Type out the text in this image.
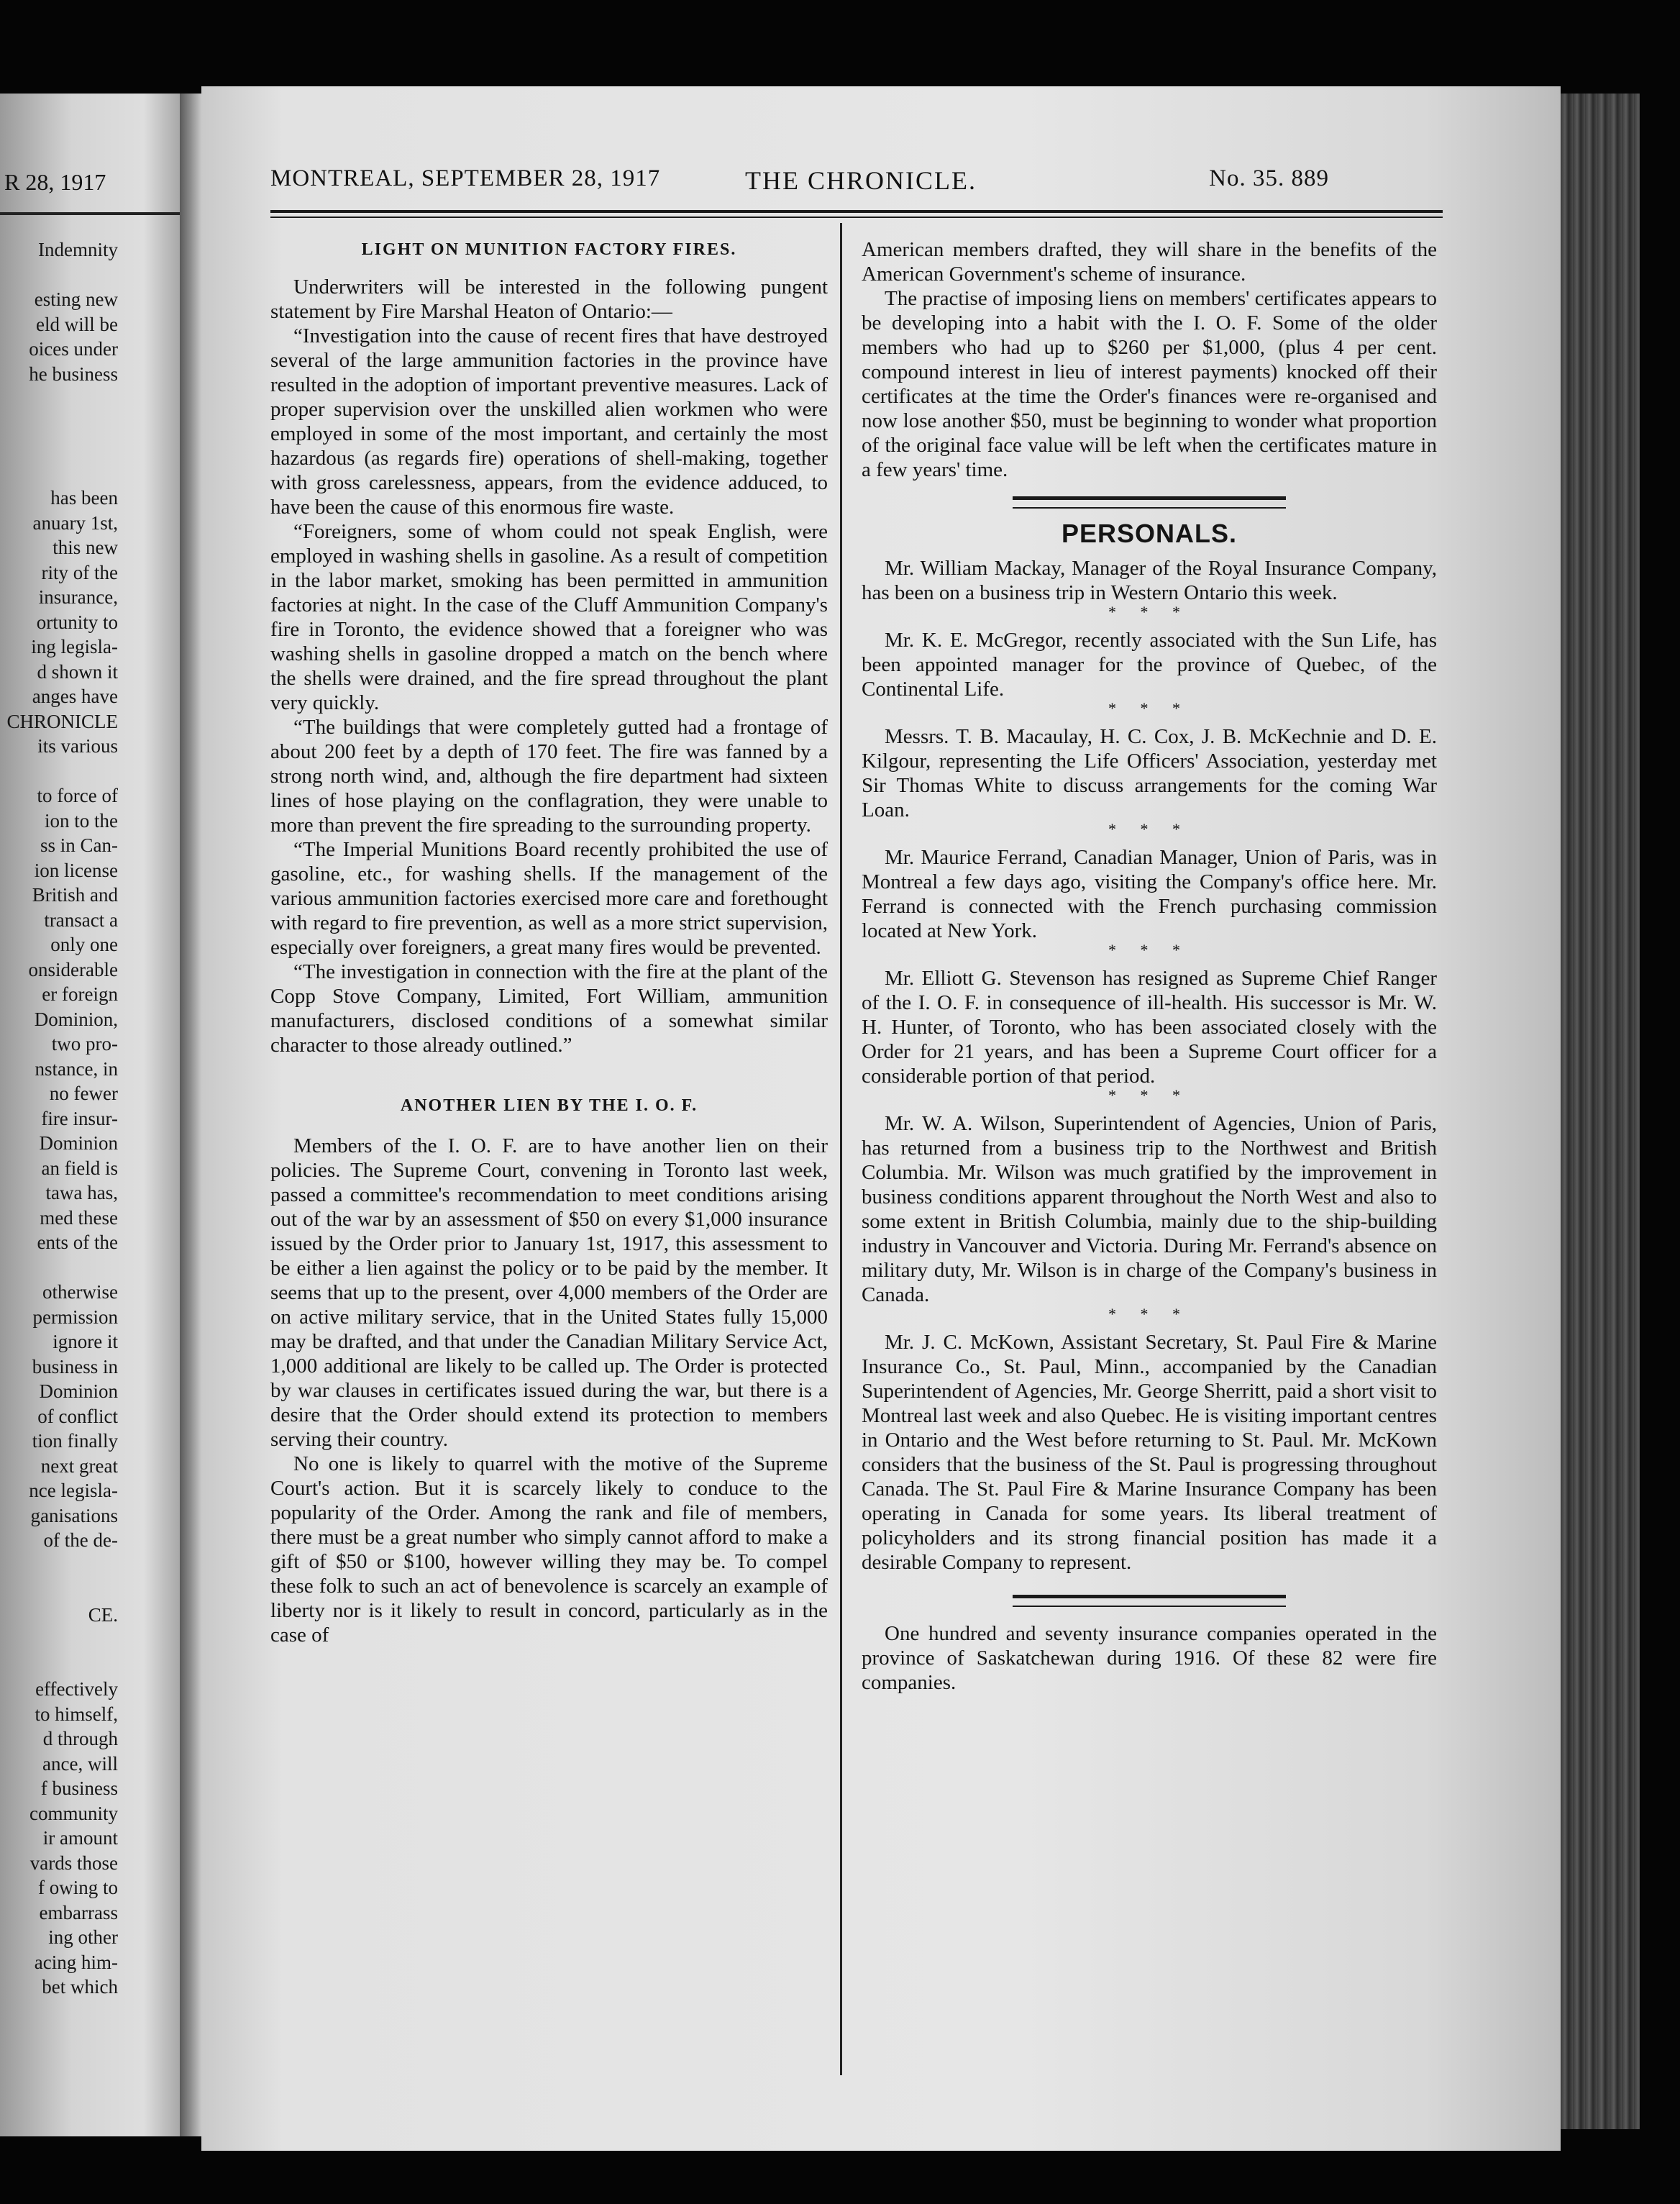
R 28, 1917
Indemnity
esting new
eld will be
oices under
he business
has been
anuary 1st,
this new
rity of the
insurance,
ortunity to
ing legisla-
d shown it
anges have
CHRONICLE
its various
to force of
ion to the
ss in Can-
ion license
British and
transact a
only one
onsiderable
er foreign
Dominion,
two pro-
nstance, in
no fewer
fire insur-
Dominion
an field is
tawa has,
med these
ents of the
otherwise
permission
ignore it
business in
Dominion
of conflict
tion finally
next great
nce legisla-
ganisations
of the de-
CE.
effectively
to himself,
d through
ance, will
f business
community
ir amount
vards those
f owing to
embarrass
ing other
acing him-
bet which
MONTREAL, SEPTEMBER 28, 1917	THE CHRONICLE.	No. 35. 889
LIGHT ON MUNITION FACTORY FIRES.

Underwriters will be interested in the following pungent statement by Fire Marshal Heaton of Ontario:—

“Investigation into the cause of recent fires that have destroyed several of the large ammunition factories in the province have resulted in the adoption of important preventive measures. Lack of proper supervision over the unskilled alien workmen who were employed in some of the most important, and certainly the most hazardous (as regards fire) operations of shell-making, together with gross carelessness, appears, from the evidence adduced, to have been the cause of this enormous fire waste.

“Foreigners, some of whom could not speak English, were employed in washing shells in gasoline. As a result of competition in the labor market, smoking has been permitted in ammunition factories at night. In the case of the Cluff Ammunition Company's fire in Toronto, the evidence showed that a foreigner who was washing shells in gasoline dropped a match on the bench where the shells were drained, and the fire spread throughout the plant very quickly.

“The buildings that were completely gutted had a frontage of about 200 feet by a depth of 170 feet. The fire was fanned by a strong north wind, and, although the fire department had sixteen lines of hose playing on the conflagration, they were unable to more than prevent the fire spreading to the surrounding property.

“The Imperial Munitions Board recently prohibited the use of gasoline, etc., for washing shells. If the management of the various ammunition factories exercised more care and forethought with regard to fire prevention, as well as a more strict supervision, especially over foreigners, a great many fires would be prevented.

“The investigation in connection with the fire at the plant of the Copp Stove Company, Limited, Fort William, ammunition manufacturers, disclosed conditions of a somewhat similar character to those already outlined.”

ANOTHER LIEN BY THE I. O. F.

Members of the I. O. F. are to have another lien on their policies. The Supreme Court, convening in Toronto last week, passed a committee's recommendation to meet conditions arising out of the war by an assessment of $50 on every $1,000 insurance issued by the Order prior to January 1st, 1917, this assessment to be either a lien against the policy or to be paid by the member. It seems that up to the present, over 4,000 members of the Order are on active military service, that in the United States fully 15,000 may be drafted, and that under the Canadian Military Service Act, 1,000 additional are likely to be called up. The Order is protected by war clauses in certificates issued during the war, but there is a desire that the Order should extend its protection to members serving their country.

No one is likely to quarrel with the motive of the Supreme Court's action. But it is scarcely likely to conduce to the popularity of the Order. Among the rank and file of members, there must be a great number who simply cannot afford to make a gift of $50 or $100, however willing they may be. To compel these folk to such an act of benevolence is scarcely an example of liberty nor is it likely to result in concord, particularly as in the case of

American members drafted, they will share in the benefits of the American Government's scheme of insurance.

The practise of imposing liens on members' certificates appears to be developing into a habit with the I. O. F. Some of the older members who had up to $260 per $1,000, (plus 4 per cent. compound interest in lieu of interest payments) knocked off their certificates at the time the Order's finances were re-organised and now lose another $50, must be beginning to wonder what proportion of the original face value will be left when the certificates mature in a few years' time.

PERSONALS.

Mr. William Mackay, Manager of the Royal Insurance Company, has been on a business trip in Western Ontario this week.

* * *

Mr. K. E. McGregor, recently associated with the Sun Life, has been appointed manager for the province of Quebec, of the Continental Life.

* * *

Messrs. T. B. Macaulay, H. C. Cox, J. B. McKechnie and D. E. Kilgour, representing the Life Officers' Association, yesterday met Sir Thomas White to discuss arrangements for the coming War Loan.

* * *

Mr. Maurice Ferrand, Canadian Manager, Union of Paris, was in Montreal a few days ago, visiting the Company's office here. Mr. Ferrand is connected with the French purchasing commission located at New York.

* * *

Mr. Elliott G. Stevenson has resigned as Supreme Chief Ranger of the I. O. F. in consequence of ill-health. His successor is Mr. W. H. Hunter, of Toronto, who has been associated closely with the Order for 21 years, and has been a Supreme Court officer for a considerable portion of that period.

* * *

Mr. W. A. Wilson, Superintendent of Agencies, Union of Paris, has returned from a business trip to the Northwest and British Columbia. Mr. Wilson was much gratified by the improvement in business conditions apparent throughout the North West and also to some extent in British Columbia, mainly due to the ship-building industry in Vancouver and Victoria. During Mr. Ferrand's absence on military duty, Mr. Wilson is in charge of the Company's business in Canada.

* * *

Mr. J. C. McKown, Assistant Secretary, St. Paul Fire & Marine Insurance Co., St. Paul, Minn., accompanied by the Canadian Superintendent of Agencies, Mr. George Sherritt, paid a short visit to Montreal last week and also Quebec. He is visiting important centres in Ontario and the West before returning to St. Paul. Mr. McKown considers that the business of the St. Paul is progressing throughout Canada. The St. Paul Fire & Marine Insurance Company has been operating in Canada for some years. Its liberal treatment of policyholders and its strong financial position has made it a desirable Company to represent.

One hundred and seventy insurance companies operated in the province of Saskatchewan during 1916. Of these 82 were fire companies.
